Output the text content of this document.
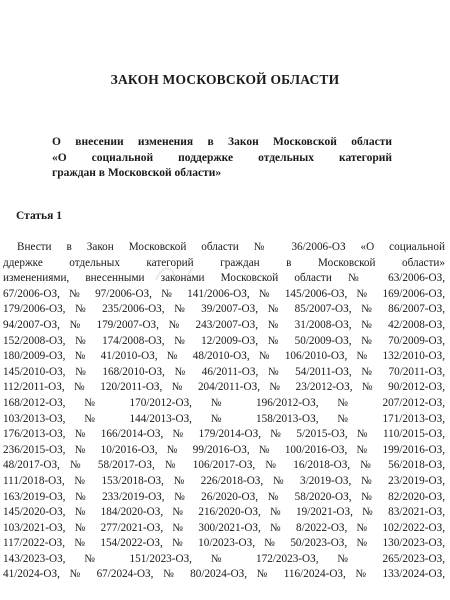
ЗАКОН МОСКОВСКОЙ ОБЛАСТИ
О внесении изменения в Закон Московской области
«О социальной поддержке отдельных категорий
граждан в Московской области»
Статья 1
Внести в Закон Московской области № 36/2006-ОЗ «О социальной
ддержке отдельных категорий граждан в Московской области»
изменениями, внесенными законами Московской области № 63/2006-ОЗ,
67/2006-ОЗ, № 97/2006-ОЗ, № 141/2006-ОЗ, № 145/2006-ОЗ, № 169/2006-ОЗ,
179/2006-ОЗ, № 235/2006-ОЗ, № 39/2007-ОЗ, № 85/2007-ОЗ, № 86/2007-ОЗ,
94/2007-ОЗ, № 179/2007-ОЗ, № 243/2007-ОЗ, № 31/2008-ОЗ, № 42/2008-ОЗ,
152/2008-ОЗ, № 174/2008-ОЗ, № 12/2009-ОЗ, № 50/2009-ОЗ, № 70/2009-ОЗ,
180/2009-ОЗ, № 41/2010-ОЗ, № 48/2010-ОЗ, № 106/2010-ОЗ, № 132/2010-ОЗ,
145/2010-ОЗ, № 168/2010-ОЗ, № 46/2011-ОЗ, № 54/2011-ОЗ, № 70/2011-ОЗ,
112/2011-ОЗ, № 120/2011-ОЗ, № 204/2011-ОЗ, № 23/2012-ОЗ, № 90/2012-ОЗ,
168/2012-ОЗ, № 170/2012-ОЗ, № 196/2012-ОЗ, № 207/2012-ОЗ,
103/2013-ОЗ, № 144/2013-ОЗ, № 158/2013-ОЗ, № 171/2013-ОЗ,
176/2013-ОЗ, № 166/2014-ОЗ, № 179/2014-ОЗ, № 5/2015-ОЗ, № 110/2015-ОЗ,
236/2015-ОЗ, № 10/2016-ОЗ, № 99/2016-ОЗ, № 100/2016-ОЗ, № 199/2016-ОЗ,
48/2017-ОЗ, № 58/2017-ОЗ, № 106/2017-ОЗ, № 16/2018-ОЗ, № 56/2018-ОЗ,
111/2018-ОЗ, № 153/2018-ОЗ, № 226/2018-ОЗ, № 3/2019-ОЗ, № 23/2019-ОЗ,
163/2019-ОЗ, № 233/2019-ОЗ, № 26/2020-ОЗ, № 58/2020-ОЗ, № 82/2020-ОЗ,
145/2020-ОЗ, № 184/2020-ОЗ, № 216/2020-ОЗ, № 19/2021-ОЗ, № 83/2021-ОЗ,
103/2021-ОЗ, № 277/2021-ОЗ, № 300/2021-ОЗ, № 8/2022-ОЗ, № 102/2022-ОЗ,
117/2022-ОЗ, № 154/2022-ОЗ, № 10/2023-ОЗ, № 50/2023-ОЗ, № 130/2023-ОЗ,
143/2023-ОЗ, № 151/2023-ОЗ, № 172/2023-ОЗ, № 265/2023-ОЗ,
41/2024-ОЗ, № 67/2024-ОЗ, № 80/2024-ОЗ, № 116/2024-ОЗ, № 133/2024-ОЗ,
